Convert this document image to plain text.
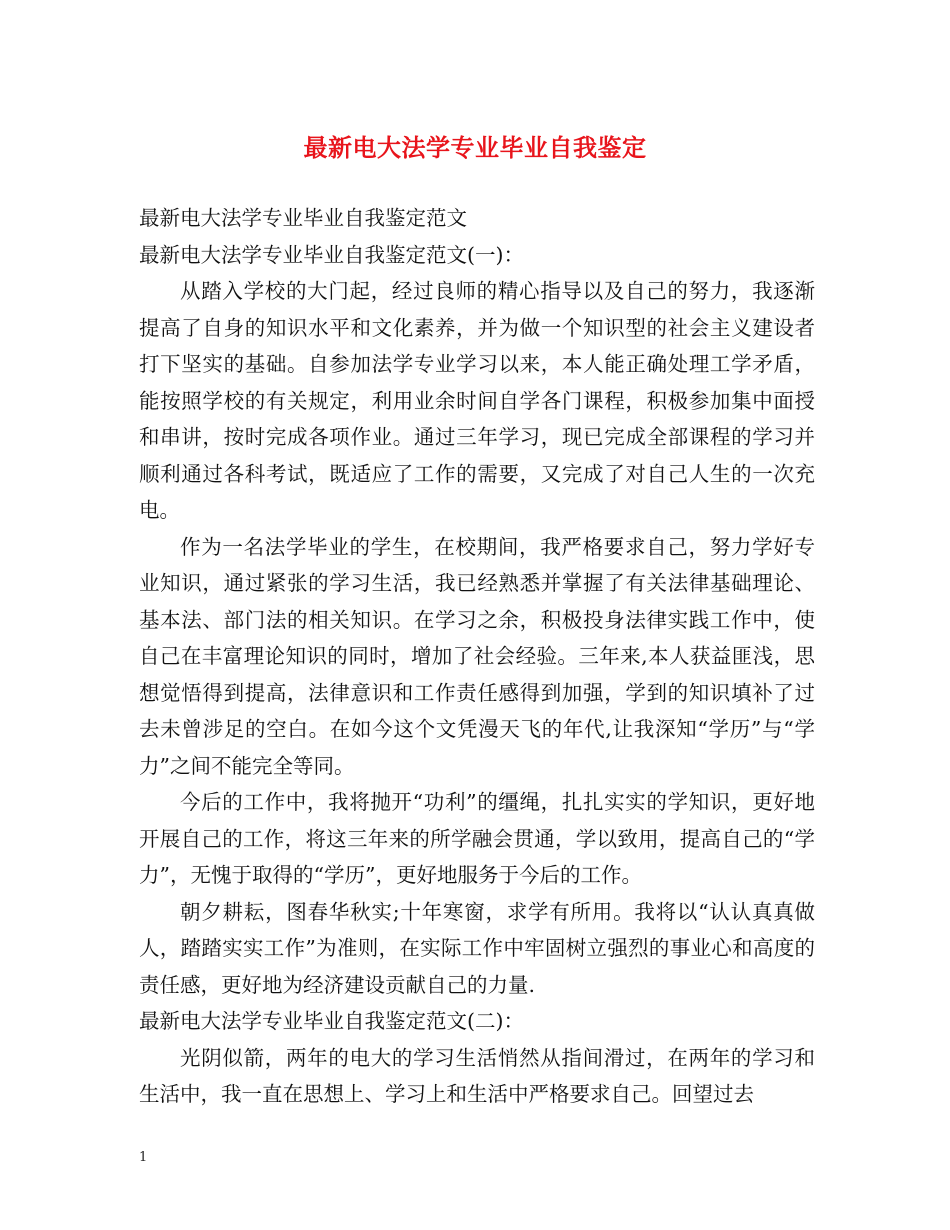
最新电大法学专业毕业自我鉴定

最新电大法学专业毕业自我鉴定范文

最新电大法学专业毕业自我鉴定范文(一)：

从踏入学校的大门起，经过良师的精心指导以及自己的努力，我逐渐提高了自身的知识水平和文化素养，并为做一个知识型的社会主义建设者打下坚实的基础。自参加法学专业学习以来，本人能正确处理工学矛盾，能按照学校的有关规定，利用业余时间自学各门课程，积极参加集中面授和串讲，按时完成各项作业。通过三年学习，现已完成全部课程的学习并顺利通过各科考试，既适应了工作的需要，又完成了对自己人生的一次充电。

作为一名法学毕业的学生，在校期间，我严格要求自己，努力学好专业知识，通过紧张的学习生活，我已经熟悉并掌握了有关法律基础理论、基本法、部门法的相关知识。在学习之余，积极投身法律实践工作中，使自己在丰富理论知识的同时，增加了社会经验。三年来,本人获益匪浅，思想觉悟得到提高，法律意识和工作责任感得到加强，学到的知识填补了过去未曾涉足的空白。在如今这个文凭漫天飞的年代,让我深知“学历”与“学力”之间不能完全等同。

今后的工作中，我将抛开“功利”的缰绳，扎扎实实的学知识，更好地开展自己的工作，将这三年来的所学融会贯通，学以致用，提高自己的“学力”，无愧于取得的“学历”，更好地服务于今后的工作。

朝夕耕耘，图春华秋实;十年寒窗，求学有所用。我将以“认认真真做人，踏踏实实工作”为准则，在实际工作中牢固树立强烈的事业心和高度的责任感，更好地为经济建设贡献自己的力量.

最新电大法学专业毕业自我鉴定范文(二)：

光阴似箭，两年的电大的学习生活悄然从指间滑过，在两年的学习和生活中，我一直在思想上、学习上和生活中严格要求自己。回望过去

1
